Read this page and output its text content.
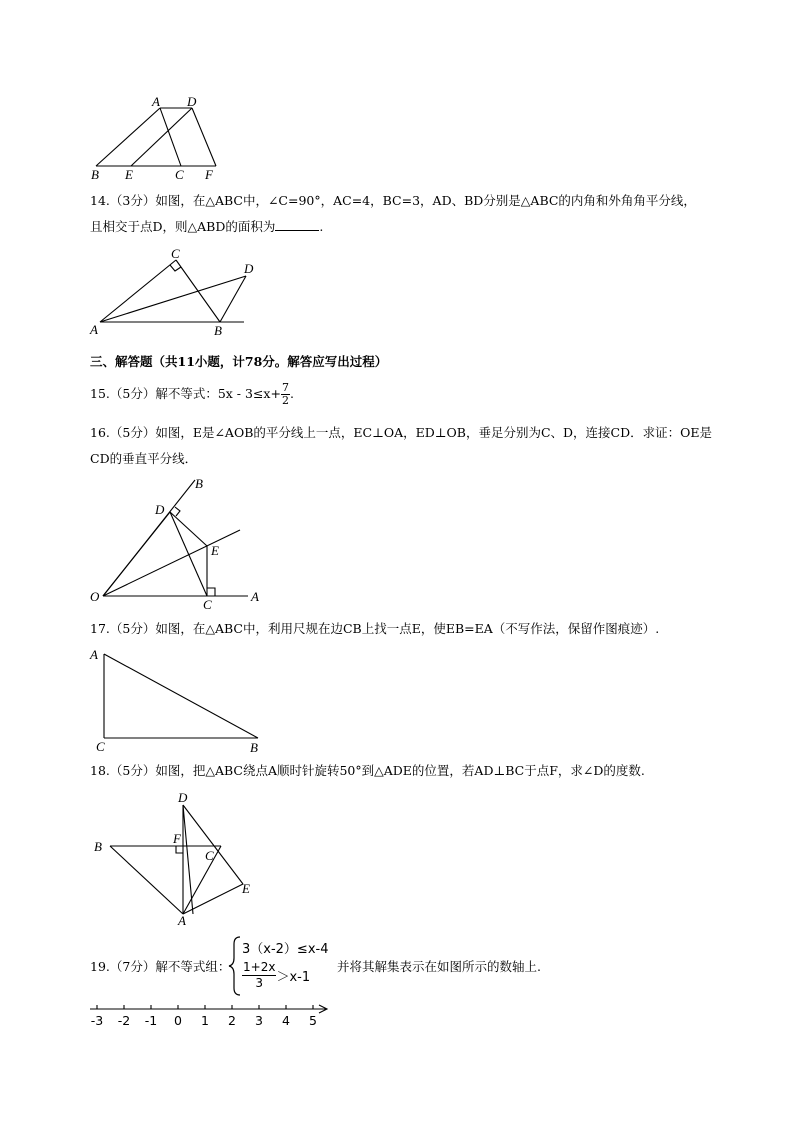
A D
B E	C F
14.（3分）如图，在△ABC中，∠C=90°，AC=4，BC=3，AD、BD分别是△ABC的内角和外角角平分线，
且相交于点D，则△ABD的面积为	.
C
D
A	B
三、解答题（共11小题，计78分。解答应写出过程）
15.（5分）解不等式：$5x - 3\le x+ \frac{7}{2}$ .
16.（5分）如图，E是∠AOB的平分线上一点，EC⊥OA，ED⊥OB，垂足分别为C、D，连接CD．求证：OE是
CD的垂直平分线．
B
D
E
O
C
A
17.（5分）如图，在△ABC中，利用尺规在边CB上找一点E，使EB=EA（不写作法，保留作图痕迹）.
A
C	B
18.（5分）如图，把△ABC绕点A顺时针旋转50°到△ADE的位置，若AD⊥BC于点F，求∠D的度数.
D
F
B
C
E
A
19.（7分）解不等式组：
3（x-2）≤x-4
$\frac{1+2x}{3} >x-1$
并将其解集表示在如图所示的数轴上.
-3 -2 -1	0	1	2	3	4	5
